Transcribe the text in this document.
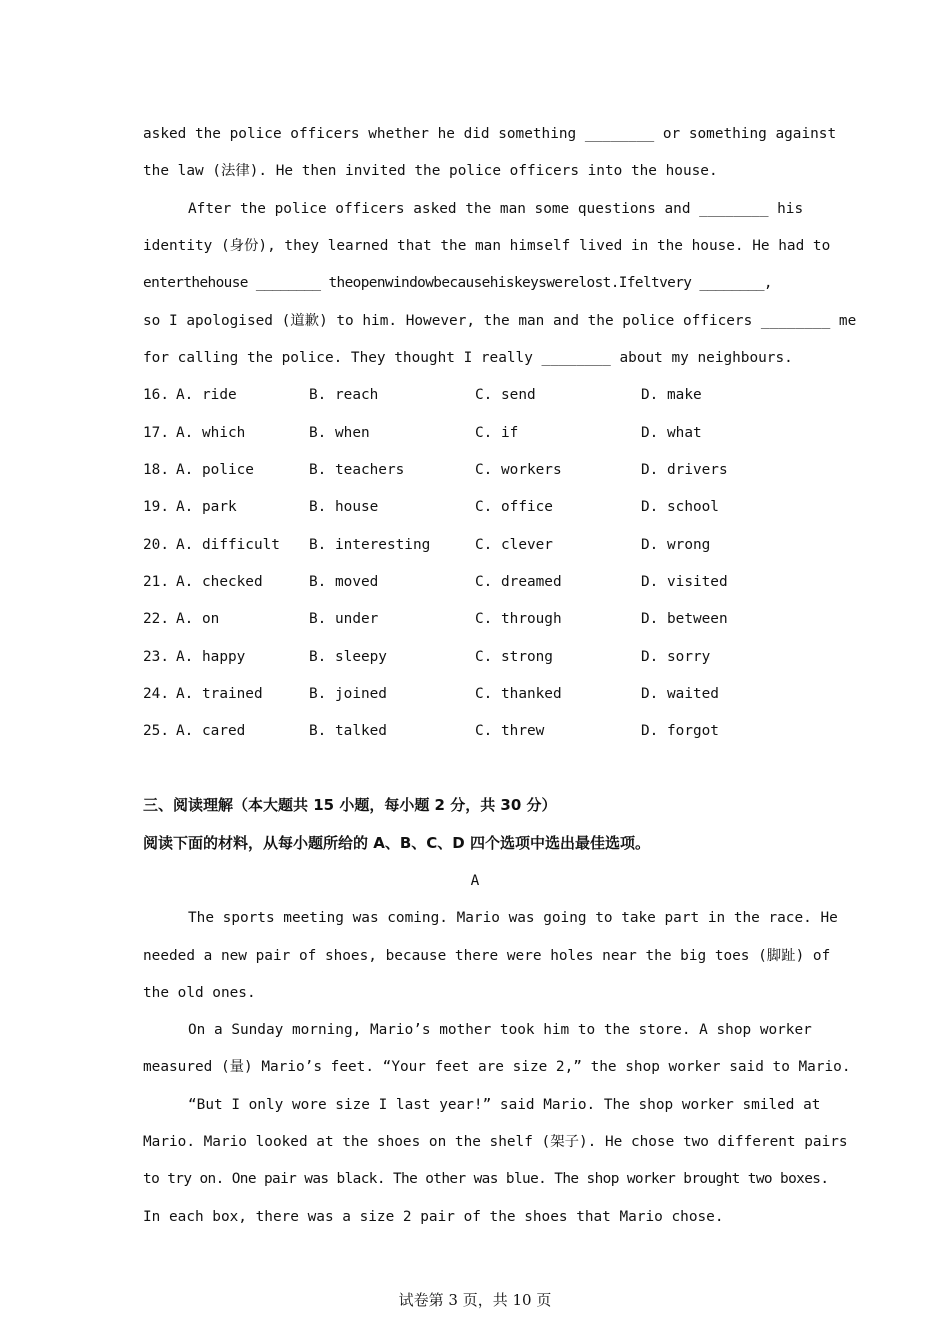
asked the police officers whether he did something ________ or something against
the law (法律). He then invited the police officers into the house.
After the police officers asked the man some questions and ________ his
identity (身份), they learned that the man himself lived in the house. He had to
enterthehouse ________ theopenwindowbecausehiskeyswerelost.Ifeltvery ________,
so I apologised (道歉) to him. However, the man and the police officers ________ me
for calling the police. They thought I really ________ about my neighbours.
16. A. ride	B. reach	C. send	D. make
17. A. which	B. when	C. if	D. what
18. A. police	B. teachers	C. workers	D. drivers
19. A. park	B. house	C. office	D. school
20. A. difficult B. interesting	C. clever	D. wrong
21. A. checked	B. moved	C. dreamed	D. visited
22. A. on	B. under	C. through	D. between
23. A. happy	B. sleepy	C. strong	D. sorry
24. A. trained	B. joined	C. thanked	D. waited
25. A. cared	B. talked	C. threw	D. forgot
三、阅读理解（本大题共 15 小题，每小题 2 分，共 30 分）
阅读下面的材料，从每小题所给的 A、B、C、D 四个选项中选出最佳选项。
A
The sports meeting was coming. Mario was going to take part in the race. He
needed a new pair of shoes, because there were holes near the big toes (脚趾) of
the old ones.
On a Sunday morning, Mario’s mother took him to the store. A shop worker
measured (量) Mario’s feet. “Your feet are size 2,” the shop worker said to Mario.
“But I only wore size I last year!” said Mario. The shop worker smiled at
Mario. Mario looked at the shoes on the shelf (架子). He chose two different pairs
to try on. One pair was black. The other was blue. The shop worker brought two boxes.
In each box, there was a size 2 pair of the shoes that Mario chose.
试卷第 3 页，共 10 页
